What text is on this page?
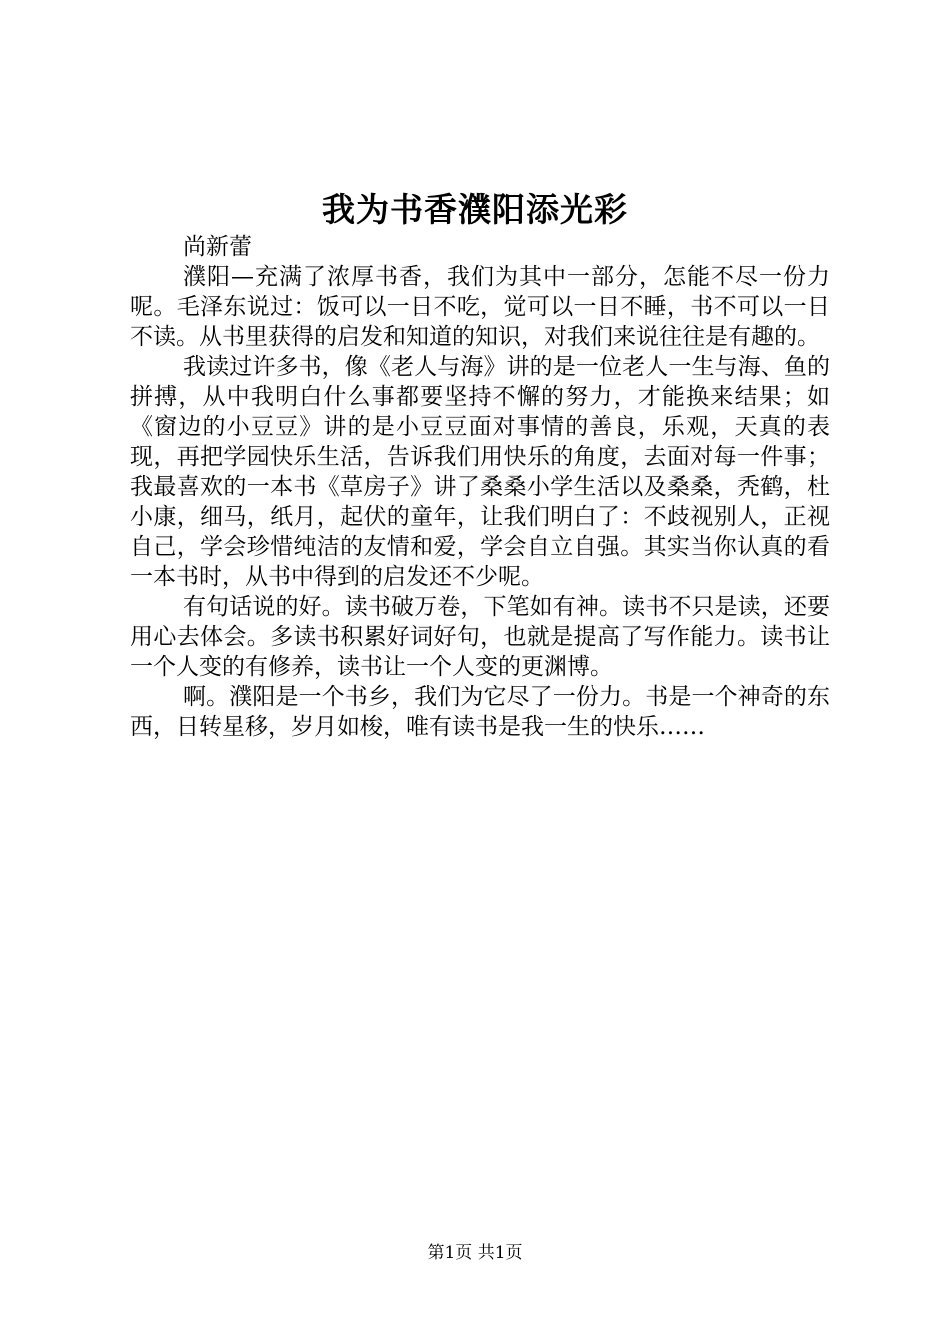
我为书香濮阳添光彩

尚新蕾

濮阳—充满了浓厚书香，我们为其中一部分，怎能不尽一份力呢。毛泽东说过：饭可以一日不吃，觉可以一日不睡，书不可以一日不读。从书里获得的启发和知道的知识，对我们来说往往是有趣的。

我读过许多书，像《老人与海》讲的是一位老人一生与海、鱼的拼搏，从中我明白什么事都要坚持不懈的努力，才能换来结果；如《窗边的小豆豆》讲的是小豆豆面对事情的善良，乐观，天真的表现，再把学园快乐生活，告诉我们用快乐的角度，去面对每一件事；我最喜欢的一本书《草房子》讲了桑桑小学生活以及桑桑，秃鹤，杜小康，细马，纸月，起伏的童年，让我们明白了：不歧视别人，正视自己，学会珍惜纯洁的友情和爱，学会自立自强。其实当你认真的看一本书时，从书中得到的启发还不少呢。

有句话说的好。读书破万卷，下笔如有神。读书不只是读，还要用心去体会。多读书积累好词好句，也就是提高了写作能力。读书让一个人变的有修养，读书让一个人变的更渊博。

啊。濮阳是一个书乡，我们为它尽了一份力。书是一个神奇的东西，日转星移，岁月如梭，唯有读书是我一生的快乐……

第1页 共1页
